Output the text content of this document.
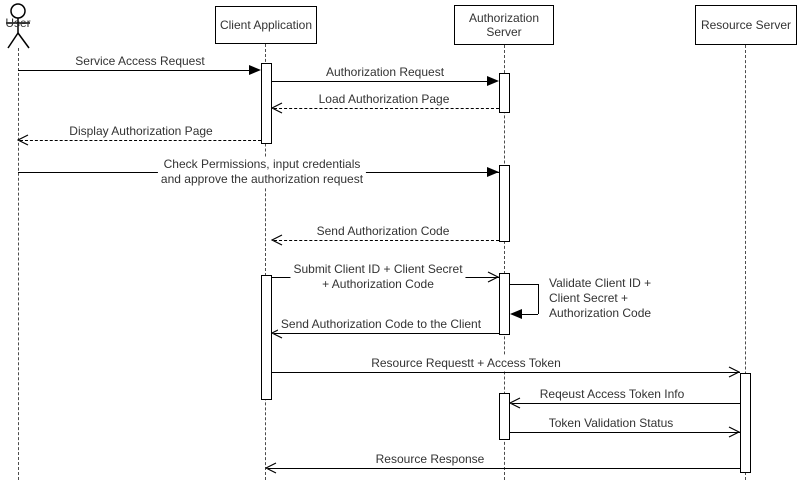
User	Client Application	Authorization Server	Resource Server
Service Access Request
Authorization Request
Load Authorization Page
Display Authorization Page
Check Permissions, input credentials
and approve the authorization request
Send Authorization Code
Submit Client ID + Client Secret
+ Authorization Code	Validate Client ID +
Client Secret +
Authorization Code
Send Authorization Code to the Client
Resource Requestt + Access Token
Reqeust Access Token Info
Token Validation Status
Resource Response
